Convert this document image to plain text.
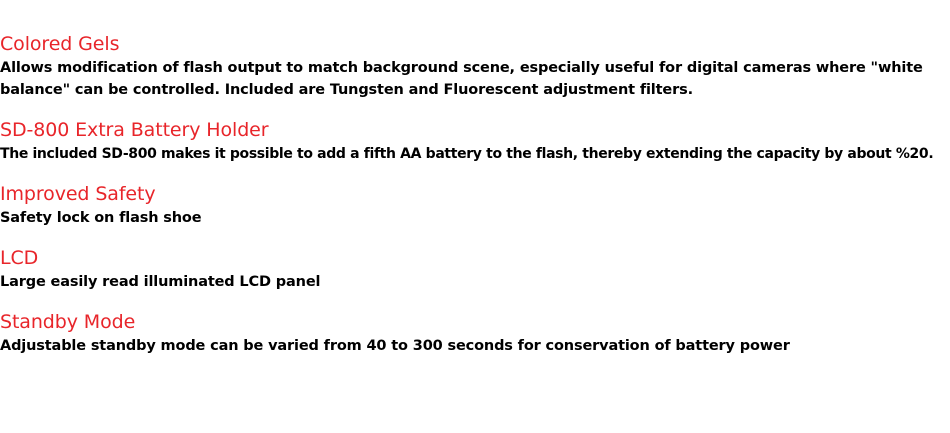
Colored Gels

Allows modification of flash output to match background scene, especially useful for digital cameras where "white balance" can be controlled. Included are Tungsten and Fluorescent adjustment filters.

SD-800 Extra Battery Holder

The included SD-800 makes it possible to add a fifth AA battery to the flash, thereby extending the capacity by about %20.

Improved Safety

Safety lock on flash shoe

LCD

Large easily read illuminated LCD panel

Standby Mode

Adjustable standby mode can be varied from 40 to 300 seconds for conservation of battery power
